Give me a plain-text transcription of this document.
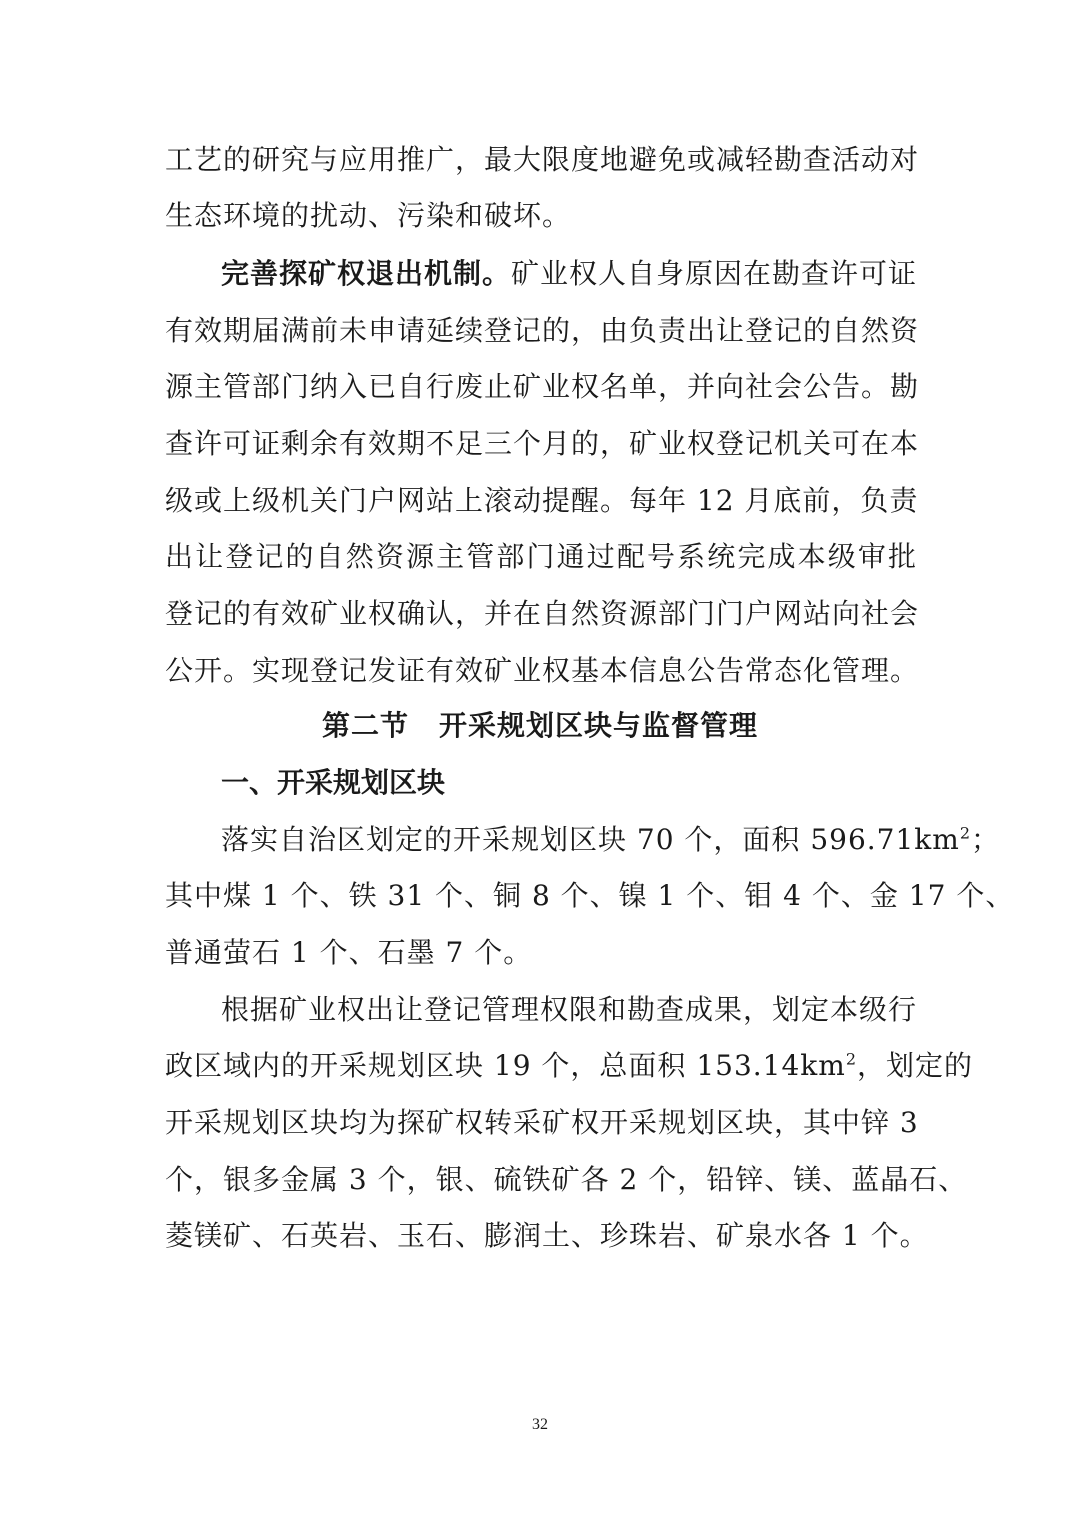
工艺的研究与应用推广，最大限度地避免或减轻勘查活动对
生态环境的扰动、污染和破坏。
完善探矿权退出机制。矿业权人自身原因在勘查许可证
有效期届满前未申请延续登记的，由负责出让登记的自然资
源主管部门纳入已自行废止矿业权名单，并向社会公告。勘
查许可证剩余有效期不足三个月的，矿业权登记机关可在本
级或上级机关门户网站上滚动提醒。每年 12 月底前，负责
出让登记的自然资源主管部门通过配号系统完成本级审批
登记的有效矿业权确认，并在自然资源部门门户网站向社会
公开。实现登记发证有效矿业权基本信息公告常态化管理。
第二节 开采规划区块与监督管理
一、开采规划区块
落实自治区划定的开采规划区块 70 个，面积 $596.71km^2$；
其中煤 1 个、铁 31 个、铜 8 个、镍 1 个、钼 4 个、金 17 个、
普通萤石 1 个、石墨 7 个。
根据矿业权出让登记管理权限和勘查成果，划定本级行
政区域内的开采规划区块 19 个，总面积 $153.14km^2$，划定的
开采规划区块均为探矿权转采矿权开采规划区块，其中锌 3
个，银多金属 3 个，银、硫铁矿各 2 个，铅锌、镁、蓝晶石、
菱镁矿、石英岩、玉石、膨润土、珍珠岩、矿泉水各 1 个。
32
